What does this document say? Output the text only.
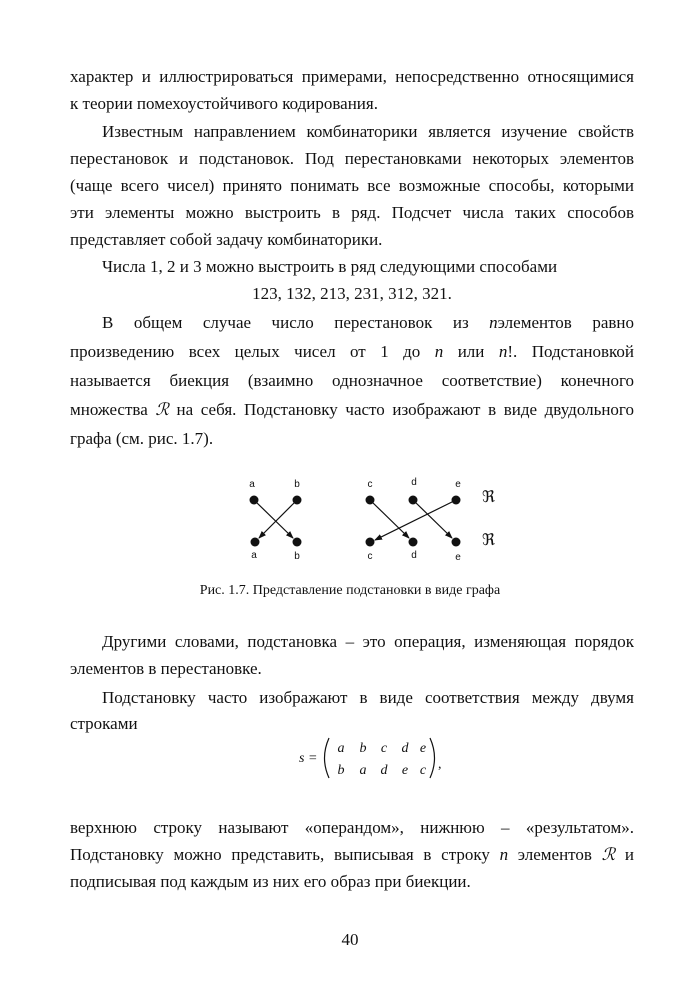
характер и иллюстрироваться примерами, непосредственно относящимися
к теории помехоустойчивого кодирования.
Известным направлением комбинаторики является изучение свойств
перестановок и подстановок. Под перестановками некоторых элементов
(чаще всего чисел) принято понимать все возможные способы, которыми
эти элементы можно выстроить в ряд. Подсчет числа таких способов
представляет собой задачу комбинаторики.
Числа 1, 2 и 3 можно выстроить в ряд следующими способами
123, 132, 213, 231, 312, 321.
В общем случае число перестановок из nэлементов равно
произведению всех целых чисел от 1 до n или n!. Подстановкой
называется биекция (взаимно однозначное соответствие) конечного
множества ℛ на себя. Подстановку часто изображают в виде двудольного
графа (см. рис. 1.7).
a	b	c	d	e
a	b	c	d	e
ℜ
ℜ
Рис. 1.7. Представление подстановки в виде графа
Другими словами, подстановка – это операция, изменяющая порядок
элементов в перестановке.
Подстановку часто изображают в виде соответствия между двумя
строками
s =
a b c d e
b a d e c ,
верхнюю строку называют «операндом», нижнюю – «результатом».
Подстановку можно представить, выписывая в строку n элементов ℛ и
подписывая под каждым из них его образ при биекции.
40
